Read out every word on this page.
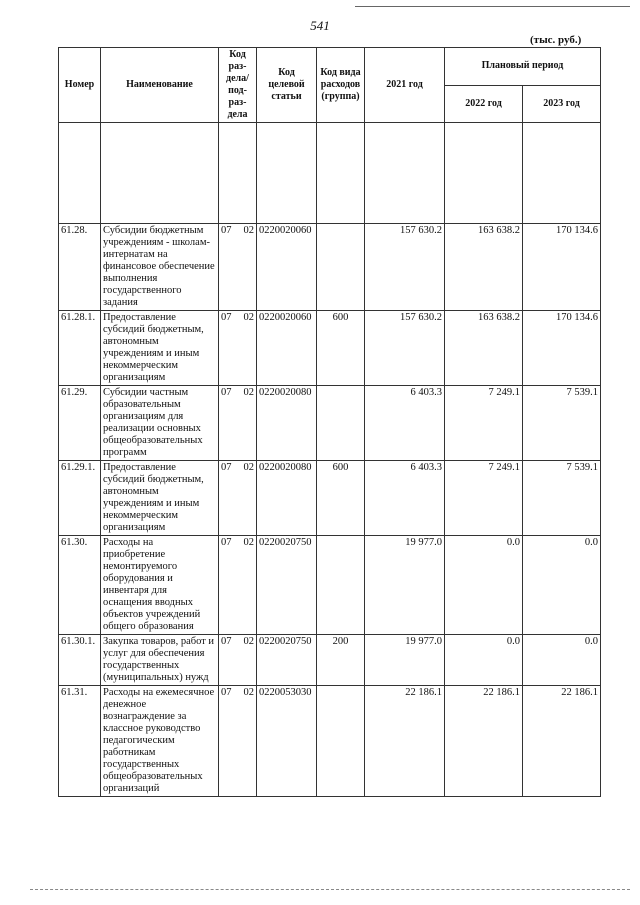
541
(тыс. руб.)
Номер	Наименование	Код раз-дела/ под-раз-дела	Код целевой статьи	Код вида расходов (группа)	2021 год	Плановый период	
						2022 год	2023 год

61.28.	Субсидии бюджетным учреждениям - школам-интернатам на финансовое обеспечение выполнения государственного задания	07 02	0220020060		157 630.2	163 638.2	170 134.6
61.28.1.	Предоставление субсидий бюджетным, автономным учреждениям и иным некоммерческим организациям	07 02	0220020060	600	157 630.2	163 638.2	170 134.6
61.29.	Субсидии частным образовательным организациям для реализации основных общеобразовательных программ	07 02	0220020080		6 403.3	7 249.1	7 539.1
61.29.1.	Предоставление субсидий бюджетным, автономным учреждениям и иным некоммерческим организациям	07 02	0220020080	600	6 403.3	7 249.1	7 539.1
61.30.	Расходы на приобретение немонтируемого оборудования и инвентаря для оснащения вводных объектов учреждений общего образования	07 02	0220020750		19 977.0	0.0	0.0
61.30.1.	Закупка товаров, работ и услуг для обеспечения государственных (муниципальных) нужд	07 02	0220020750	200	19 977.0	0.0	0.0
61.31.	Расходы на ежемесячное денежное вознаграждение за классное руководство педагогическим работникам государственных общеобразовательных организаций	07 02	0220053030		22 186.1	22 186.1	22 186.1
